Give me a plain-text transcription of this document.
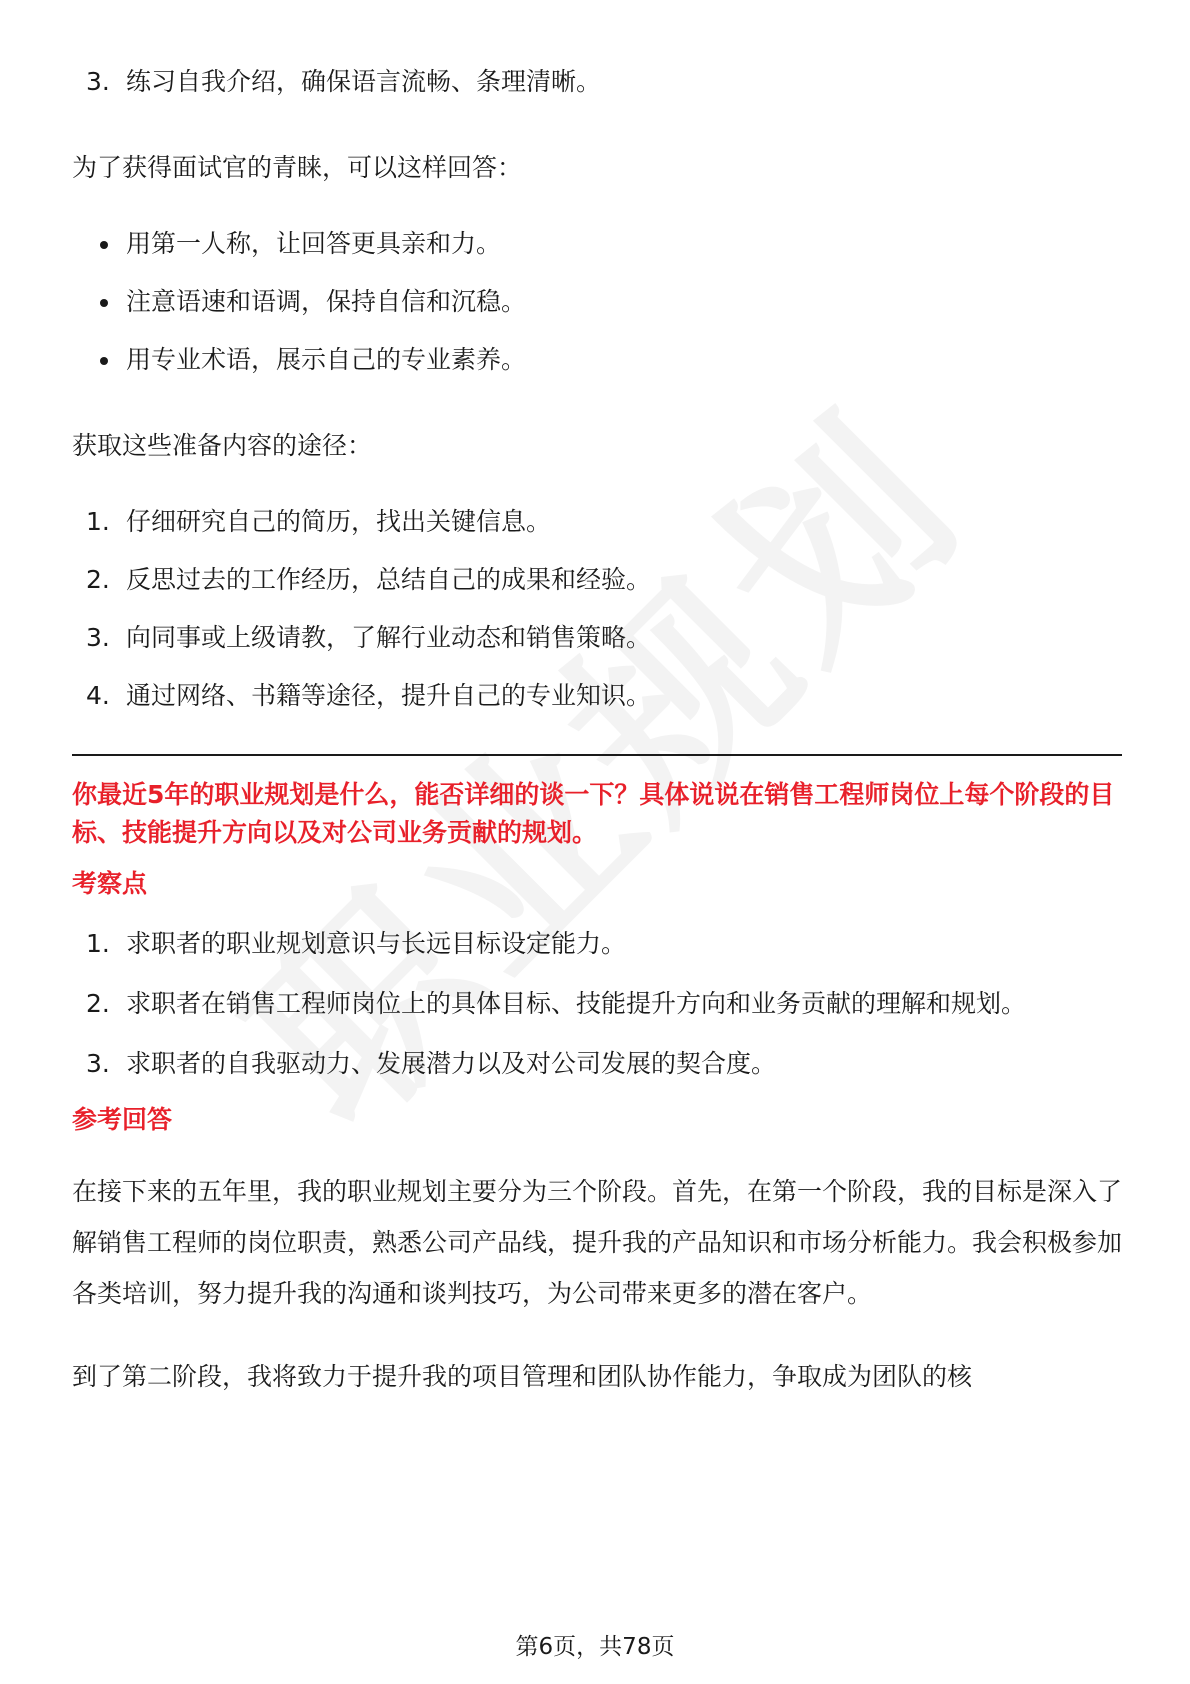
3. 练习自我介绍，确保语言流畅、条理清晰。

为了获得面试官的青睐，可以这样回答：

用第一人称，让回答更具亲和力。
注意语速和语调，保持自信和沉稳。
用专业术语，展示自己的专业素养。

获取这些准备内容的途径：

1. 仔细研究自己的简历，找出关键信息。
2. 反思过去的工作经历，总结自己的成果和经验。
3. 向同事或上级请教，了解行业动态和销售策略。
4. 通过网络、书籍等途径，提升自己的专业知识。

你最近5年的职业规划是什么，能否详细的谈一下？具体说说在销售工程师岗位上每个阶段的目标、技能提升方向以及对公司业务贡献的规划。

考察点
1. 求职者的职业规划意识与长远目标设定能力。
2. 求职者在销售工程师岗位上的具体目标、技能提升方向和业务贡献的理解和规划。
3. 求职者的自我驱动力、发展潜力以及对公司发展的契合度。
参考回答

在接下来的五年里，我的职业规划主要分为三个阶段。首先，在第一个阶段，我的目标是深入了解销售工程师的岗位职责，熟悉公司产品线，提升我的产品知识和市场分析能力。我会积极参加各类培训，努力提升我的沟通和谈判技巧，为公司带来更多的潜在客户。

到了第二阶段，我将致力于提升我的项目管理和团队协作能力，争取成为团队的核

第6页，共78页
